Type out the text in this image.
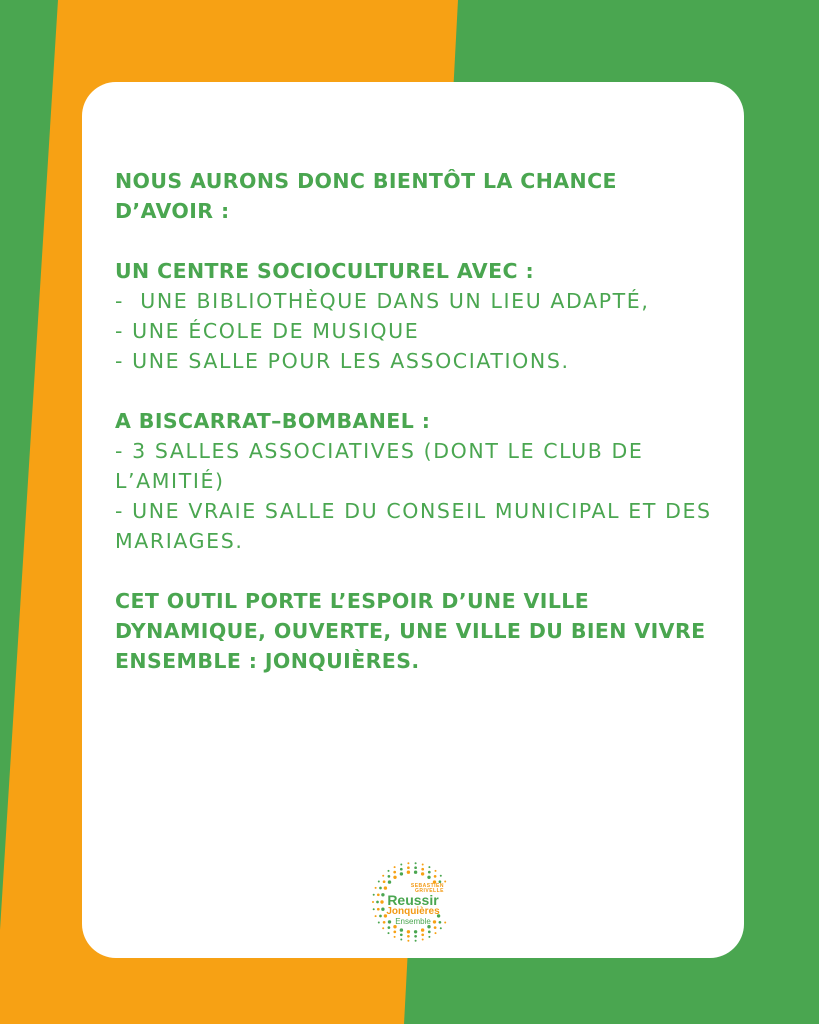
NOUS AURONS DONC BIENTÔT LA CHANCE
D’AVOIR :
UN CENTRE SOCIOCULTUREL AVEC :
-  UNE BIBLIOTHÈQUE DANS UN LIEU ADAPTÉ,
- UNE ÉCOLE DE MUSIQUE
- UNE SALLE POUR LES ASSOCIATIONS.
A BISCARRAT–BOMBANEL :
- 3 SALLES ASSOCIATIVES (DONT LE CLUB DE
L’AMITIÉ)
- UNE VRAIE SALLE DU CONSEIL MUNICIPAL ET DES
MARIAGES.
CET OUTIL PORTE L’ESPOIR D’UNE VILLE
DYNAMIQUE, OUVERTE, UNE VILLE DU BIEN VIVRE
ENSEMBLE : JONQUIÈRES.
SEBASTIEN
GRIVELLE
Reussir
Jonquières
Ensemble
